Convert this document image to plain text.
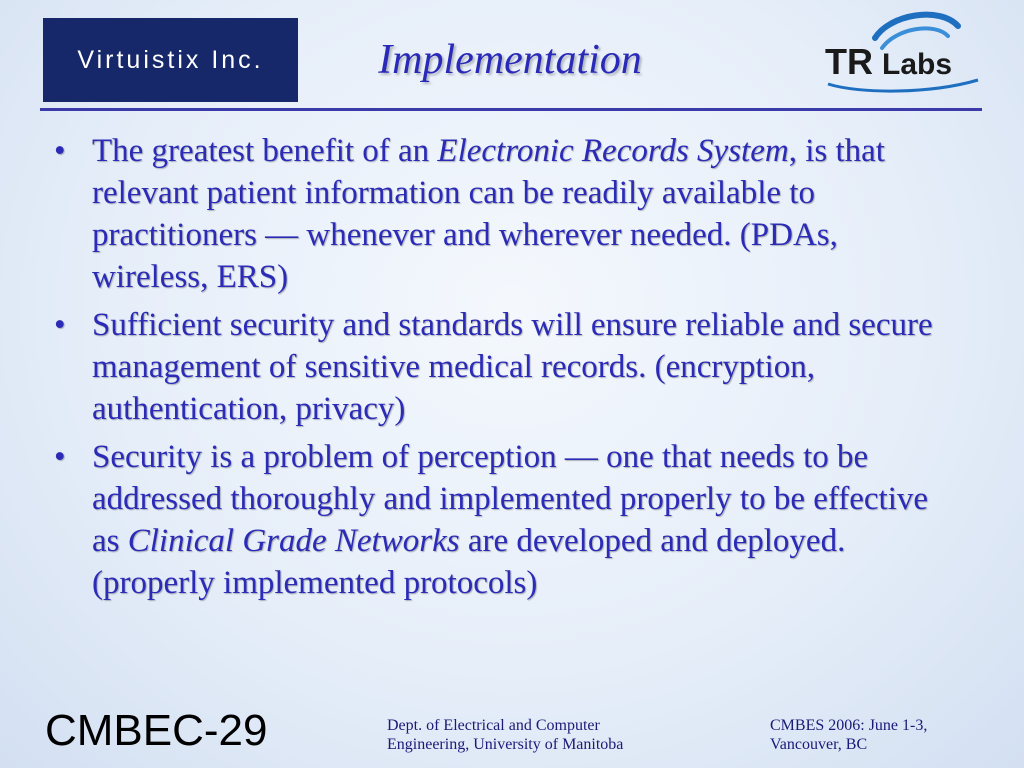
Virtuistix Inc.	Implementation	TR Labs
• The greatest benefit of an Electronic Records System, is that relevant patient information can be readily available to practitioners — whenever and wherever needed. (PDAs, wireless, ERS)
• Sufficient security and standards will ensure reliable and secure management of sensitive medical records. (encryption, authentication, privacy)
• Security is a problem of perception — one that needs to be addressed thoroughly and implemented properly to be effective as Clinical Grade Networks are developed and deployed. (properly implemented protocols)
CMBEC-29	Dept. of Electrical and Computer
Engineering, University of Manitoba
CMBES 2006: June 1-3,
Vancouver, BC
